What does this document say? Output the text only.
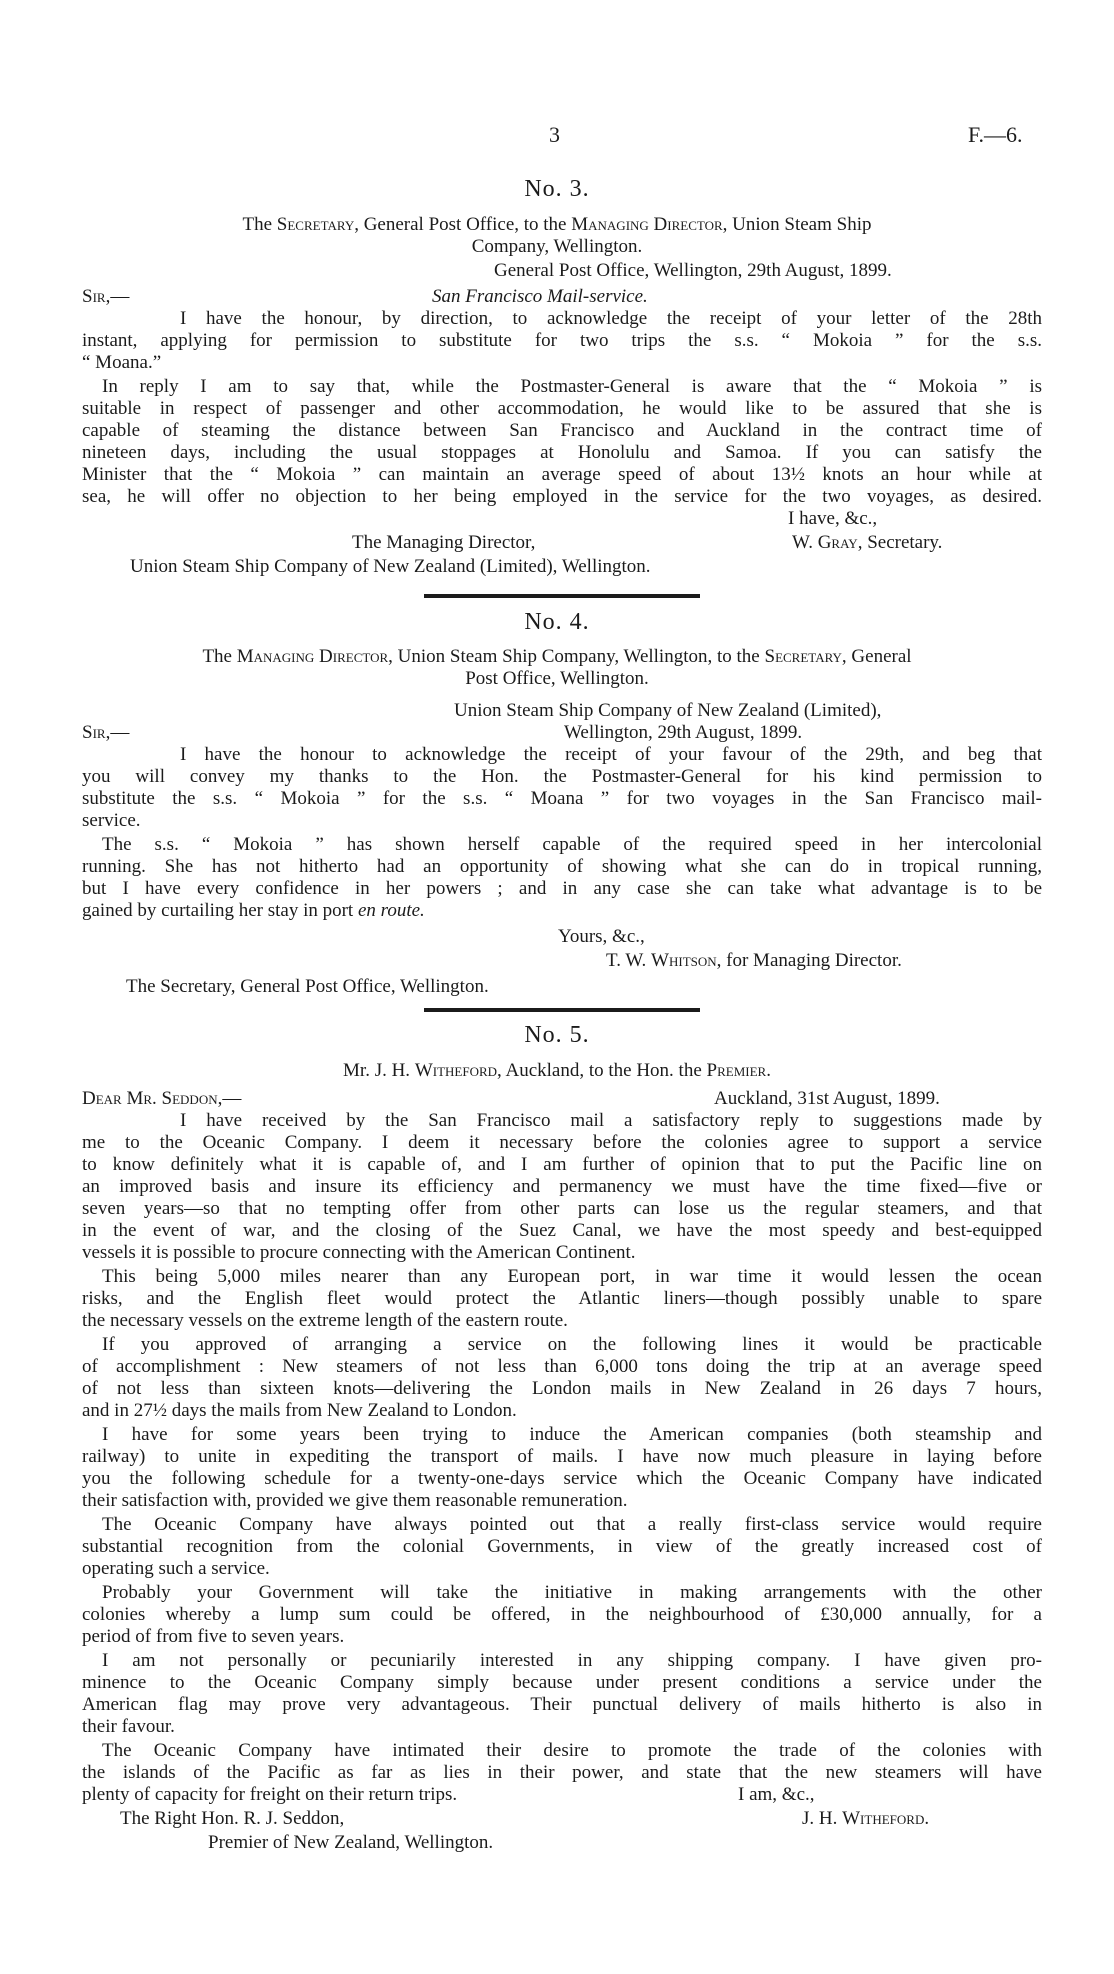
3	F.—6.
No. 3.
The Secretary, General Post Office, to the Managing Director, Union Steam Ship
Company, Wellington.
General Post Office, Wellington, 29th August, 1899.
Sir,—	San Francisco Mail-service.
I have the honour, by direction, to acknowledge the receipt of your letter of the 28th
instant, applying for permission to substitute for two trips the s.s. “ Mokoia ” for the s.s.
“ Moana.”
In reply I am to say that, while the Postmaster-General is aware that the “ Mokoia ” is
suitable in respect of passenger and other accommodation, he would like to be assured that she is
capable of steaming the distance between San Francisco and Auckland in the contract time of
nineteen days, including the usual stoppages at Honolulu and Samoa. If you can satisfy the
Minister that the “ Mokoia ” can maintain an average speed of about 13½ knots an hour while at
sea, he will offer no objection to her being employed in the service for the two voyages, as desired.
I have, &c.,
The Managing Director,	W. Gray, Secretary.
Union Steam Ship Company of New Zealand (Limited), Wellington.
No. 4.
The Managing Director, Union Steam Ship Company, Wellington, to the Secretary, General
Post Office, Wellington.
Union Steam Ship Company of New Zealand (Limited),
Sir,—	Wellington, 29th August, 1899.
I have the honour to acknowledge the receipt of your favour of the 29th, and beg that
you will convey my thanks to the Hon. the Postmaster-General for his kind permission to
substitute the s.s. “ Mokoia ” for the s.s. “ Moana ” for two voyages in the San Francisco mail-
service.
The s.s. “ Mokoia ” has shown herself capable of the required speed in her intercolonial
running. She has not hitherto had an opportunity of showing what she can do in tropical running,
but I have every confidence in her powers ; and in any case she can take what advantage is to be
gained by curtailing her stay in port en route.
Yours, &c.,
T. W. Whitson, for Managing Director.
The Secretary, General Post Office, Wellington.
No. 5.
Mr. J. H. Witheford, Auckland, to the Hon. the Premier.
Dear Mr. Seddon,—	Auckland, 31st August, 1899.
I have received by the San Francisco mail a satisfactory reply to suggestions made by
me to the Oceanic Company. I deem it necessary before the colonies agree to support a service
to know definitely what it is capable of, and I am further of opinion that to put the Pacific line on
an improved basis and insure its efficiency and permanency we must have the time fixed—five or
seven years—so that no tempting offer from other parts can lose us the regular steamers, and that
in the event of war, and the closing of the Suez Canal, we have the most speedy and best-equipped
vessels it is possible to procure connecting with the American Continent.
This being 5,000 miles nearer than any European port, in war time it would lessen the ocean
risks, and the English fleet would protect the Atlantic liners—though possibly unable to spare
the necessary vessels on the extreme length of the eastern route.
If you approved of arranging a service on the following lines it would be practicable
of accomplishment : New steamers of not less than 6,000 tons doing the trip at an average speed
of not less than sixteen knots—delivering the London mails in New Zealand in 26 days 7 hours,
and in 27½ days the mails from New Zealand to London.
I have for some years been trying to induce the American companies (both steamship and
railway) to unite in expediting the transport of mails. I have now much pleasure in laying before
you the following schedule for a twenty-one-days service which the Oceanic Company have indicated
their satisfaction with, provided we give them reasonable remuneration.
The Oceanic Company have always pointed out that a really first-class service would require
substantial recognition from the colonial Governments, in view of the greatly increased cost of
operating such a service.
Probably your Government will take the initiative in making arrangements with the other
colonies whereby a lump sum could be offered, in the neighbourhood of £30,000 annually, for a
period of from five to seven years.
I am not personally or pecuniarily interested in any shipping company. I have given pro-
minence to the Oceanic Company simply because under present conditions a service under the
American flag may prove very advantageous. Their punctual delivery of mails hitherto is also in
their favour.
The Oceanic Company have intimated their desire to promote the trade of the colonies with
the islands of the Pacific as far as lies in their power, and state that the new steamers will have
plenty of capacity for freight on their return trips.	I am, &c.,
The Right Hon. R. J. Seddon,	J. H. Witheford.
Premier of New Zealand, Wellington.
